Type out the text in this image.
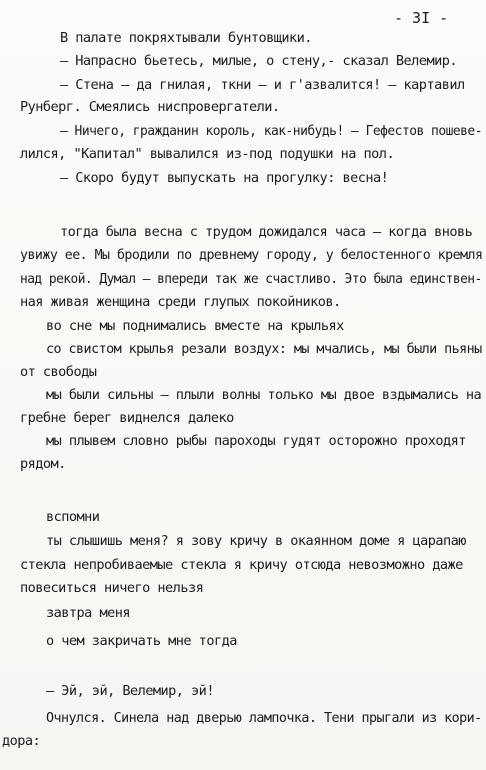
- 3I -
В палате покряхтывали бунтовщики.
– Напрасно бьетесь, милые, о стену,- сказал Велемир.
– Стена – да гнилая, ткни – и г'азвалится! – картавил
Рунберг. Смеялись ниспровергатели.
– Ничего, гражданин король, как-нибудь! – Гефестов пошеве-
лился, "Капитал" вывалился из-под подушки на пол.
– Скоро будут выпускать на прогулку: весна!
тогда была весна с трудом дожидался часа – когда вновь
увижу ее. Мы бродили по древнему городу, у белостенного кремля
над рекой. Думал – впереди так же счастливо. Это была единствен-
ная живая женщина среди глупых покойников.
во сне мы поднимались вместе на крыльях
со свистом крылья резали воздух: мы мчались, мы были пьяны
от свободы
мы были сильны – плыли волны только мы двое вздымались на
гребне берег виднелся далеко
мы плывем словно рыбы пароходы гудят осторожно проходят
рядом.
вспомни
ты слышишь меня? я зову кричу в окаянном доме я царапаю
стекла непробиваемые стекла я кричу отсюда невозможно даже
повеситься ничего нельзя
завтра меня
о чем закричать мне тогда
– Эй, эй, Велемир, эй!
Очнулся. Синела над дверью лампочка. Тени прыгали из кори-
дора:
